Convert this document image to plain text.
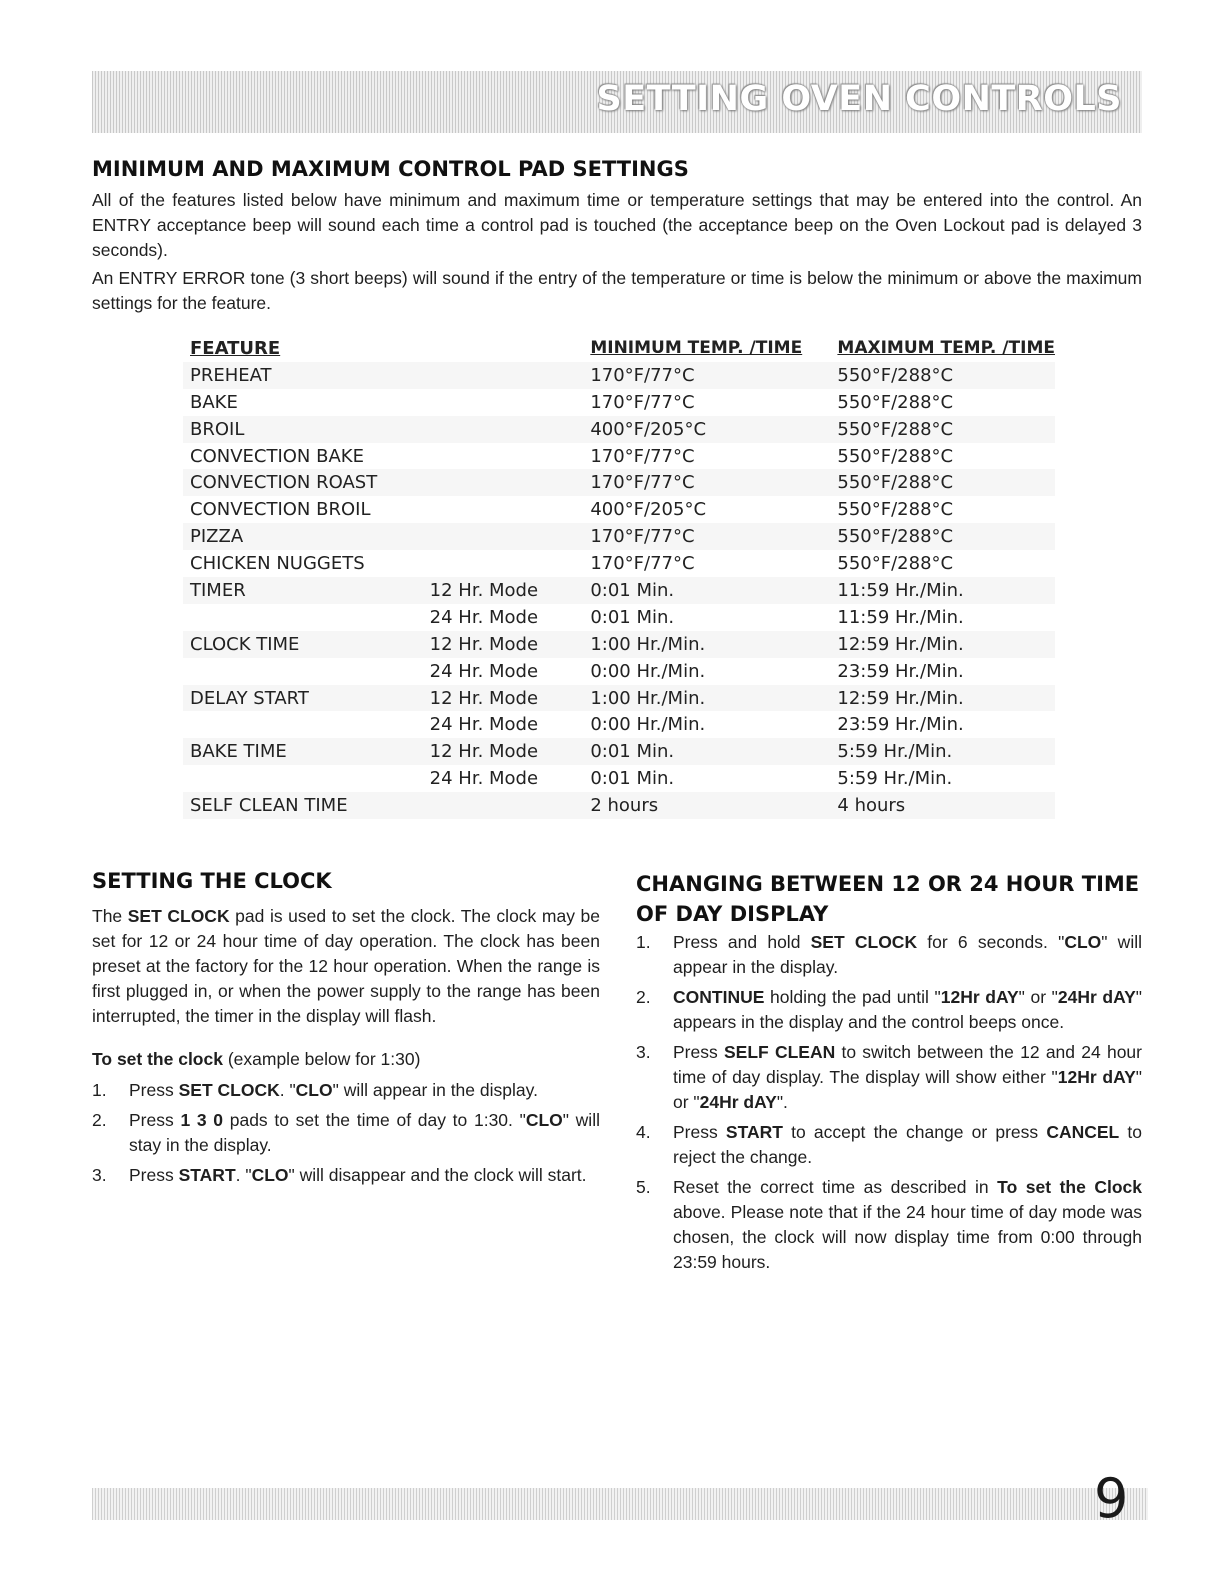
SETTING OVEN CONTROLS
MINIMUM AND MAXIMUM CONTROL PAD SETTINGS

All of the features listed below have minimum and maximum time or temperature settings that may be entered into the control. An ENTRY acceptance beep will sound each time a control pad is touched (the acceptance beep on the Oven Lockout pad is delayed 3 seconds).

An ENTRY ERROR tone (3 short beeps) will sound if the entry of the temperature or time is below the minimum or above the maximum settings for the feature.

FEATURE		MINIMUM TEMP. /TIME	MAXIMUM TEMP. /TIME
PREHEAT		170°F/77°C	550°F/288°C
BAKE		170°F/77°C	550°F/288°C
BROIL		400°F/205°C	550°F/288°C
CONVECTION BAKE		170°F/77°C	550°F/288°C
CONVECTION ROAST		170°F/77°C	550°F/288°C
CONVECTION BROIL		400°F/205°C	550°F/288°C
PIZZA		170°F/77°C	550°F/288°C
CHICKEN NUGGETS		170°F/77°C	550°F/288°C
TIMER	12 Hr. Mode	0:01 Min.	11:59 Hr./Min.
	24 Hr. Mode	0:01 Min.	11:59 Hr./Min.
CLOCK TIME	12 Hr. Mode	1:00 Hr./Min.	12:59 Hr./Min.
	24 Hr. Mode	0:00 Hr./Min.	23:59 Hr./Min.
DELAY START	12 Hr. Mode	1:00 Hr./Min.	12:59 Hr./Min.
	24 Hr. Mode	0:00 Hr./Min.	23:59 Hr./Min.
BAKE TIME	12 Hr. Mode	0:01 Min.	5:59 Hr./Min.
	24 Hr. Mode	0:01 Min.	5:59 Hr./Min.
SELF CLEAN TIME		2 hours	4 hours
SETTING THE CLOCK

The SET CLOCK pad is used to set the clock. The clock may be set for 12 or 24 hour time of day operation. The clock has been preset at the factory for the 12 hour operation. When the range is first plugged in, or when the power supply to the range has been interrupted, the timer in the display will flash.

To set the clock (example below for 1:30)

1. Press SET CLOCK. "CLO" will appear in the display.
2. Press 1 3 0 pads to set the time of day to 1:30. "CLO" will stay in the display.
3. Press START. "CLO" will disappear and the clock will start.
CHANGING BETWEEN 12 OR 24 HOUR TIME OF DAY DISPLAY
1. Press and hold SET CLOCK for 6 seconds. "CLO" will appear in the display.
2. CONTINUE holding the pad until "12Hr dAY" or "24Hr dAY" appears in the display and the control beeps once.
3. Press SELF CLEAN to switch between the 12 and 24 hour time of day display. The display will show either "12Hr dAY" or "24Hr dAY".
4. Press START to accept the change or press CANCEL to reject the change.
5. Reset the correct time as described in To set the Clock above. Please note that if the 24 hour time of day mode was chosen, the clock will now display time from 0:00 through 23:59 hours.

9
